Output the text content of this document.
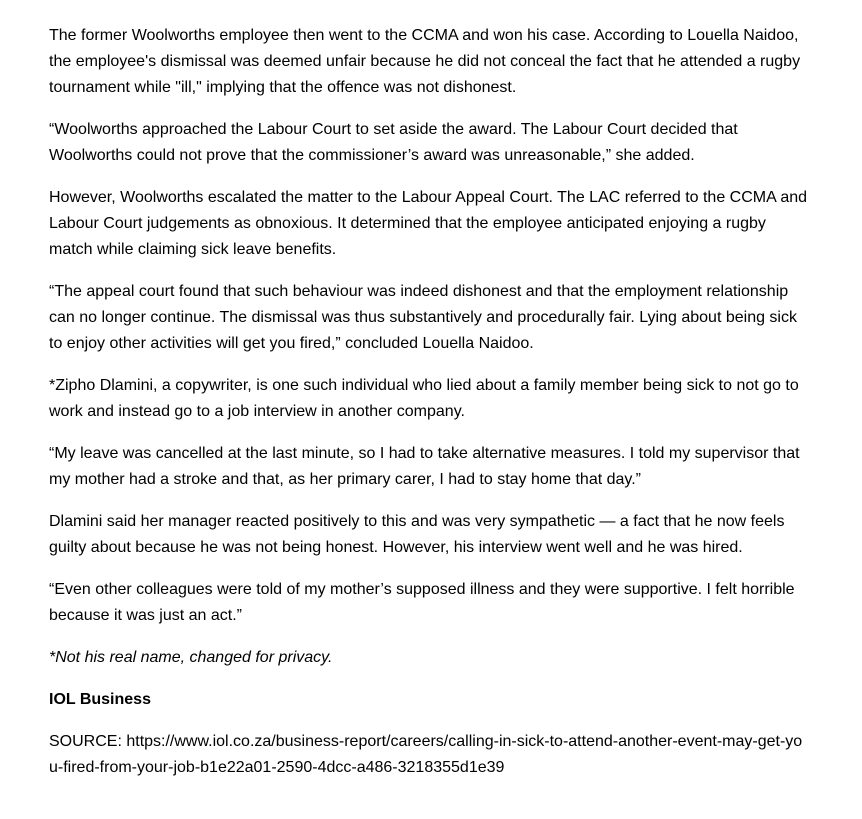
The former Woolworths employee then went to the CCMA and won his case. According to Louella Naidoo, the employee's dismissal was deemed unfair because he did not conceal the fact that he attended a rugby tournament while "ill," implying that the offence was not dishonest.

“Woolworths approached the Labour Court to set aside the award. The Labour Court decided that Woolworths could not prove that the commissioner’s award was unreasonable,” she added.

However, Woolworths escalated the matter to the Labour Appeal Court. The LAC referred to the CCMA and Labour Court judgements as obnoxious. It determined that the employee anticipated enjoying a rugby match while claiming sick leave benefits.

“The appeal court found that such behaviour was indeed dishonest and that the employment relationship can no longer continue. The dismissal was thus substantively and procedurally fair. Lying about being sick to enjoy other activities will get you fired,” concluded Louella Naidoo.

*Zipho Dlamini, a copywriter, is one such individual who lied about a family member being sick to not go to work and instead go to a job interview in another company.

“My leave was cancelled at the last minute, so I had to take alternative measures. I told my supervisor that my mother had a stroke and that, as her primary carer, I had to stay home that day.”

Dlamini said her manager reacted positively to this and was very sympathetic — a fact that he now feels guilty about because he was not being honest. However, his interview went well and he was hired.

“Even other colleagues were told of my mother’s supposed illness and they were supportive. I felt horrible because it was just an act.”

*Not his real name, changed for privacy.

IOL Business

SOURCE: https://www.iol.co.za/business-report/careers/calling-in-sick-to-attend-another-event-may-get-you-fired-from-your-job-b1e22a01-2590-4dcc-a486-3218355d1e39
